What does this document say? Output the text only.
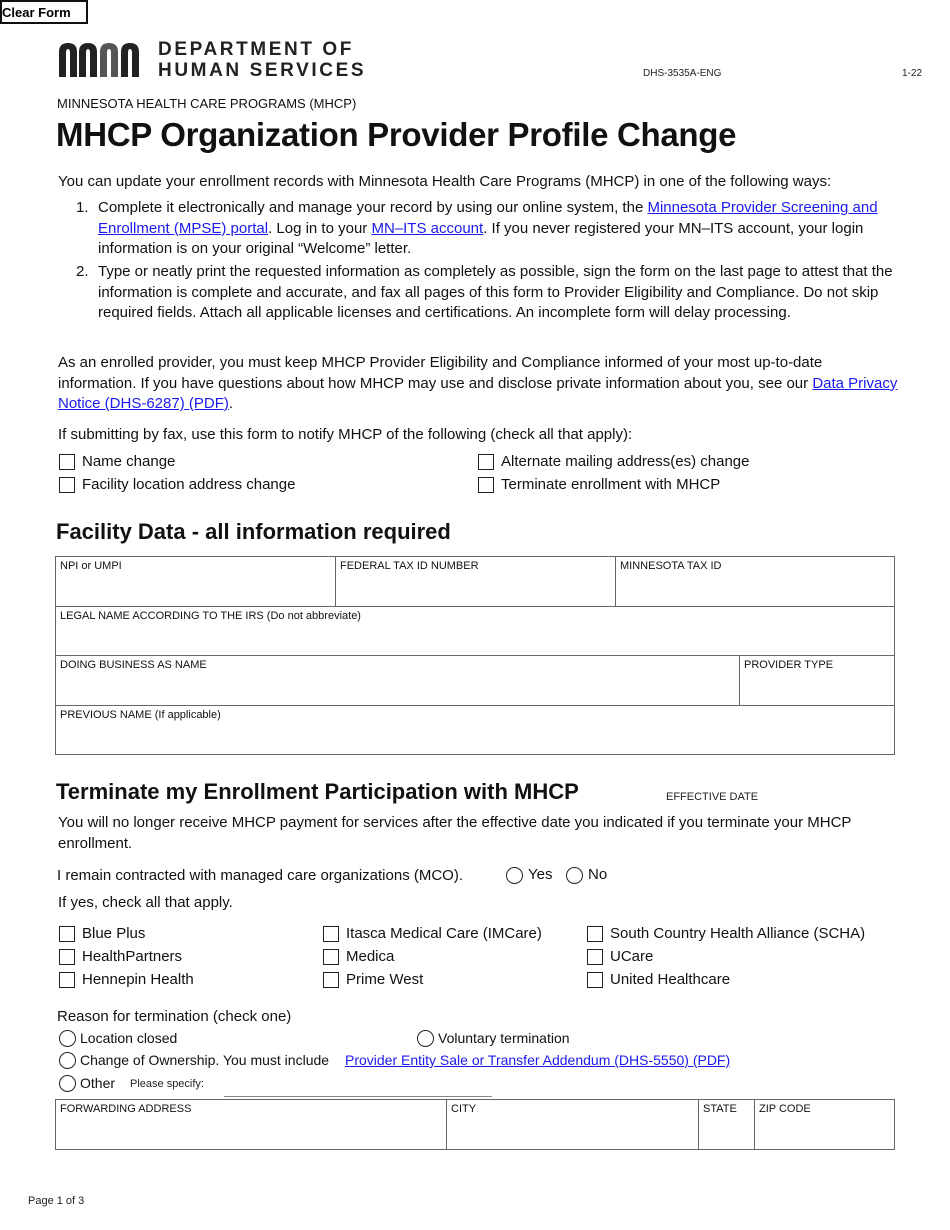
Clear Form
DEPARTMENT OF
HUMAN SERVICES	DHS-3535A-ENG	1-22
MINNESOTA HEALTH CARE PROGRAMS (MHCP)
MHCP Organization Provider Profile Change
You can update your enrollment records with Minnesota Health Care Programs (MHCP) in one of the following ways:
1. Complete it electronically and manage your record by using our online system, the Minnesota Provider Screening and Enrollment (MPSE) portal. Log in to your MN–ITS account. If you never registered your MN–ITS account, your login information is on your original “Welcome” letter.
2. Type or neatly print the requested information as completely as possible, sign the form on the last page to attest that the information is complete and accurate, and fax all pages of this form to Provider Eligibility and Compliance. Do not skip required fields. Attach all applicable licenses and certifications. An incomplete form will delay processing.
As an enrolled provider, you must keep MHCP Provider Eligibility and Compliance informed of your most up-to-date information. If you have questions about how MHCP may use and disclose private information about you, see our Data Privacy Notice (DHS-6287) (PDF).
If submitting by fax, use this form to notify MHCP of the following (check all that apply):
Name change
Facility location address change
Alternate mailing address(es) change
Terminate enrollment with MHCP
Facility Data - all information required
NPI or UMPI	FEDERAL TAX ID NUMBER	MINNESOTA TAX ID
LEGAL NAME ACCORDING TO THE IRS (Do not abbreviate)
DOING BUSINESS AS NAME	PROVIDER TYPE
PREVIOUS NAME (If applicable)
Terminate my Enrollment Participation with MHCP	EFFECTIVE DATE
You will no longer receive MHCP payment for services after the effective date you indicated if you terminate your MHCP enrollment.
I remain contracted with managed care organizations (MCO).	Yes No
If yes, check all that apply.
Blue Plus
HealthPartners
Hennepin Health
Itasca Medical Care (IMCare)
Medica
Prime West
South Country Health Alliance (SCHA)
UCare
United Healthcare
Reason for termination (check one)
Location closed	Voluntary termination
Change of Ownership. You must include Provider Entity Sale or Transfer Addendum (DHS-5550) (PDF)
Other Please specify:
FORWARDING ADDRESS	CITY	STATE ZIP CODE
Page 1 of 3
